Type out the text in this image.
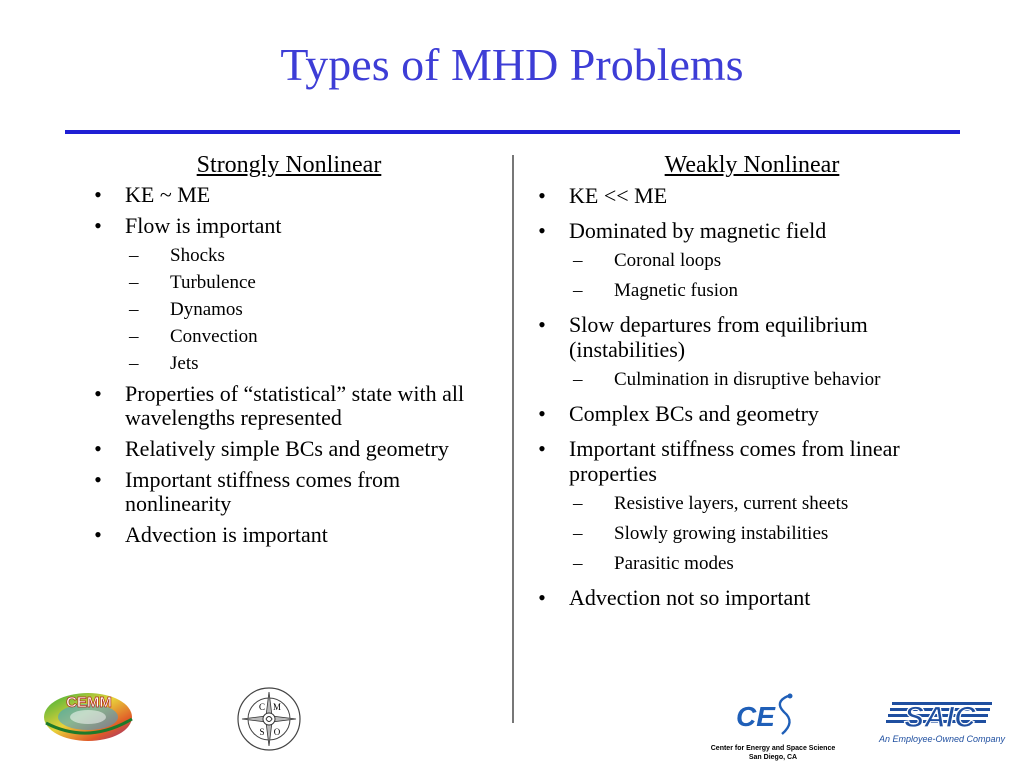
Types of MHD Problems
Strongly Nonlinear
• KE ~ ME
• Flow is important
– Shocks
– Turbulence
– Dynamos
– Convection
– Jets
• Properties of “statistical” state with all wavelengths represented
• Relatively simple BCs and geometry
• Important stiffness comes from nonlinearity
• Advection is important
Weakly Nonlinear
• KE << ME
• Dominated by magnetic field
– Coronal loops
– Magnetic fusion
• Slow departures from equilibrium (instabilities)
– Culmination in disruptive behavior
• Complex BCs and geometry
• Important stiffness comes from linear properties
– Resistive layers, current sheets
– Slowly growing instabilities
– Parasitic modes
• Advection not so important
CEMM	C M
S O	CE
Center for Energy and Space Science
San Diego, CA
SAIC
An Employee-Owned Company
